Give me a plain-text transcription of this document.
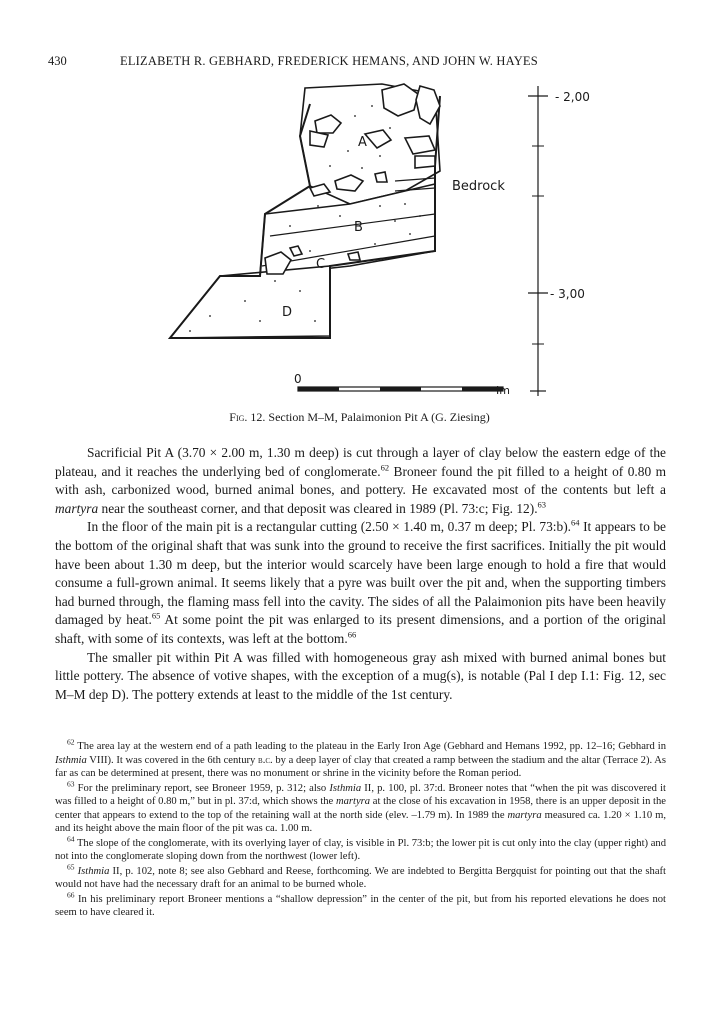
430	ELIZABETH R. GEBHARD, FREDERICK HEMANS, AND JOHN W. HAYES
A
B
C
D
Bedrock
- 2,00
- 3,00
0
Im
Fig. 12. Section M–M, Palaimonion Pit A (G. Ziesing)

Sacrificial Pit A (3.70 × 2.00 m, 1.30 m deep) is cut through a layer of clay below the eastern edge of the plateau, and it reaches the underlying bed of conglomerate.$^{62}$ Broneer found the pit filled to a height of 0.80 m with ash, carbonized wood, burned animal bones, and pottery. He excavated most of the contents but left a martyra near the southeast corner, and that deposit was cleared in 1989 (Pl. 73:c; Fig. 12).$^{63}$

In the floor of the main pit is a rectangular cutting (2.50 × 1.40 m, 0.37 m deep; Pl. 73:b).$^{64}$ It appears to be the bottom of the original shaft that was sunk into the ground to receive the first sacrifices. Initially the pit would have been about 1.30 m deep, but the interior would scarcely have been large enough to hold a fire that would consume a full-grown animal. It seems likely that a pyre was built over the pit and, when the supporting timbers had burned through, the flaming mass fell into the cavity. The sides of all the Palaimonion pits have been heavily damaged by heat.$^{65}$ At some point the pit was enlarged to its present dimensions, and a portion of the original shaft, with some of its contexts, was left at the bottom.$^{66}$

The smaller pit within Pit A was filled with homogeneous gray ash mixed with burned animal bones but little pottery. The absence of votive shapes, with the exception of a mug(s), is notable (Pal I dep I.1: Fig. 12, sec M–M dep D). The pottery extends at least to the middle of the 1st century.

$^{62}$ The area lay at the western end of a path leading to the plateau in the Early Iron Age (Gebhard and Hemans 1992, pp. 12–16; Gebhard in Isthmia VIII). It was covered in the 6th century b.c. by a deep layer of clay that created a ramp between the stadium and the altar (Terrace 2). As far as can be determined at present, there was no monument or shrine in the vicinity before the Roman period.

$^{63}$ For the preliminary report, see Broneer 1959, p. 312; also Isthmia II, p. 100, pl. 37:d. Broneer notes that “when the pit was discovered it was filled to a height of 0.80 m,” but in pl. 37:d, which shows the martyra at the close of his excavation in 1958, there is an upper deposit in the center that appears to extend to the top of the retaining wall at the north side (elev. –1.79 m). In 1989 the martyra measured ca. 1.20 × 1.10 m, and its height above the main floor of the pit was ca. 1.00 m.

$^{64}$ The slope of the conglomerate, with its overlying layer of clay, is visible in Pl. 73:b; the lower pit is cut only into the clay (upper right) and not into the conglomerate sloping down from the northwest (lower left).

$^{65}$ Isthmia II, p. 102, note 8; see also Gebhard and Reese, forthcoming. We are indebted to Bergitta Bergquist for pointing out that the shaft would not have had the necessary draft for an animal to be burned whole.

$^{66}$ In his preliminary report Broneer mentions a “shallow depression” in the center of the pit, but from his reported elevations he does not seem to have cleared it.
